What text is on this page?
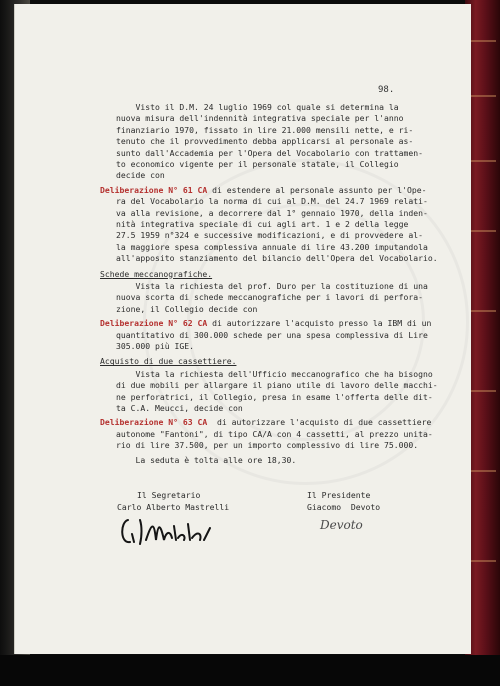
98.
Visto il D.M. 24 luglio 1969 col quale si determina la
nuova misura dell'indennità integrativa speciale per l'anno
finanziario 1970, fissato in lire 21.000 mensili nette, e ri-
tenuto che il provvedimento debba applicarsi al personale as-
sunto dall'Accademia per l'Opera del Vocabolario con trattamen-
to economico vigente per il personale statale, il Collegio
decide con
Deliberazione N° 61 CA di estendere al personale assunto per l'Ope-
ra del Vocabolario la norma di cui al D.M. del 24.7 1969 relati-
va alla revisione, a decorrere dal 1° gennaio 1970, della inden-
nità integrativa speciale di cui agli art. 1 e 2 della legge
27.5 1959 n°324 e successive modificazioni, e di provvedere al-
la maggiore spesa complessiva annuale di lire 43.200 imputandola
all'apposito stanziamento del bilancio dell'Opera del Vocabolario.
Schede meccanografiche.
Vista la richiesta del prof. Duro per la costituzione di una
nuova scorta di schede meccanografiche per i lavori di perfora-
zione, il Collegio decide con
Deliberazione N° 62 CA di autorizzare l'acquisto presso la IBM di un
quantitativo di 300.000 schede per una spesa complessiva di Lire
305.000 più IGE.
Acquisto di due cassettiere.
Vista la richiesta dell'Ufficio meccanografico che ha bisogno
di due mobili per allargare il piano utile di lavoro delle macchi-
ne perforatrici, il Collegio, presa in esame l'offerta delle dit-
ta C.A. Meucci, decide con
Deliberazione N° 63 CA  di autorizzare l'acquisto di due cassettiere
autonome "Fantoni", di tipo CA/A con 4 cassetti, al prezzo unita-
rio di lire 37.500, per un importo complessivo di lire 75.000.
La seduta è tolta alle ore 18,30.
Il Segretario
Carlo Alberto Mastrelli
Il Presidente
Giacomo  Devoto
C.A. Mastrelli
Devoto
